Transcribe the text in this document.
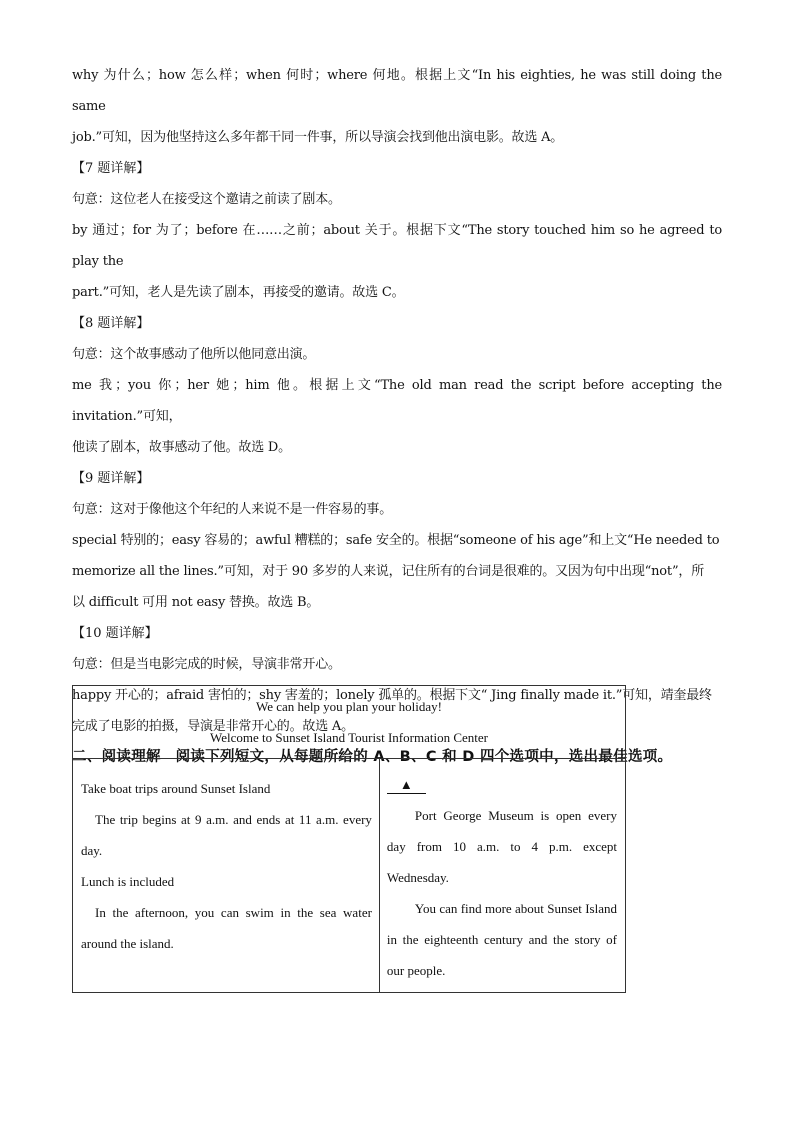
why 为什么；how 怎么样；when 何时；where 何地。根据上文“In his eighties, he was still doing the same

job.”可知，因为他坚持这么多年都干同一件事，所以导演会找到他出演电影。故选 A。

【7 题详解】

句意：这位老人在接受这个邀请之前读了剧本。

by 通过；for 为了；before 在……之前；about 关于。根据下文“The story touched him so he agreed to play the

part.”可知，老人是先读了剧本，再接受的邀请。故选 C。

【8 题详解】

句意：这个故事感动了他所以他同意出演。

me 我；you 你；her 她；him 他。根据上文“The old man read the script before accepting the invitation.”可知，

他读了剧本，故事感动了他。故选 D。

【9 题详解】

句意：这对于像他这个年纪的人来说不是一件容易的事。

special 特别的；easy 容易的；awful 糟糕的；safe 安全的。根据“someone of his age”和上文“He needed to

memorize all the lines.”可知，对于 90 多岁的人来说，记住所有的台词是很难的。又因为句中出现“not”，所

以 difficult 可用 not easy 替换。故选 B。

【10 题详解】

句意：但是当电影完成的时候，导演非常开心。

happy 开心的；afraid 害怕的；shy 害羞的；lonely 孤单的。根据下文“ Jing finally made it.”可知，靖奎最终

完成了电影的拍摄，导演是非常开心的。故选 A。

二、阅读理解　阅读下列短文，从每题所给的 A、B、C 和 D 四个选项中，选出最佳选项。

We can help you plan your holiday!
Welcome to Sunset Island Tourist Information Center

Take boat trips around Sunset Island

The trip begins at 9 a.m. and ends at 11 a.m. every day.

Lunch is included

In the afternoon, you can swim in the sea water around the island.

▲

Port George Museum is open every day from 10 a.m. to 4 p.m. except Wednesday.

You can find more about Sunset Island in the eighteenth century and the story of our people.
